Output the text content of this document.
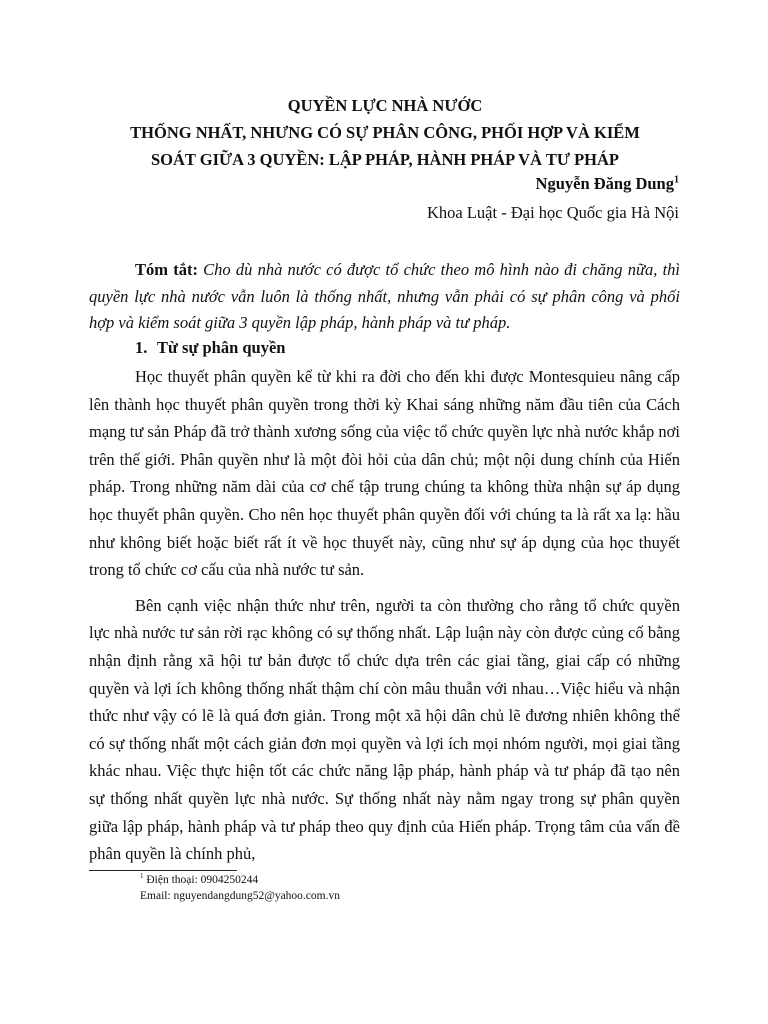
QUYỀN LỰC NHÀ NƯỚC
THỐNG NHẤT, NHƯNG CÓ SỰ PHÂN CÔNG, PHỐI HỢP VÀ KIỂM
SOÁT GIỮA 3 QUYỀN: LẬP PHÁP, HÀNH PHÁP VÀ TƯ PHÁP
Nguyễn Đăng Dung$^1$
Khoa Luật - Đại học Quốc gia Hà Nội
Tóm tắt: Cho dù nhà nước có được tổ chức theo mô hình nào đi chăng nữa, thì quyền lực nhà nước vẫn luôn là thống nhất, nhưng vẫn phải có sự phân công và phối hợp và kiểm soát giữa 3 quyền lập pháp, hành pháp và tư pháp.
1. Từ sự phân quyền

Học thuyết phân quyền kể từ khi ra đời cho đến khi được Montesquieu nâng cấp lên thành học thuyết phân quyền trong thời kỳ Khai sáng những năm đầu tiên của Cách mạng tư sản Pháp đã trở thành xương sống của việc tổ chức quyền lực nhà nước khắp nơi trên thế giới. Phân quyền như là một đòi hỏi của dân chủ; một nội dung chính của Hiến pháp. Trong những năm dài của cơ chế tập trung chúng ta không thừa nhận sự áp dụng học thuyết phân quyền. Cho nên học thuyết phân quyền đối với chúng ta là rất xa lạ: hầu như không biết hoặc biết rất ít về học thuyết này, cũng như sự áp dụng của học thuyết trong tổ chức cơ cấu của nhà nước tư sản.

Bên cạnh việc nhận thức như trên, người ta còn thường cho rằng tổ chức quyền lực nhà nước tư sản rời rạc không có sự thống nhất. Lập luận này còn được củng cố bằng nhận định rằng xã hội tư bản được tổ chức dựa trên các giai tầng, giai cấp có những quyền và lợi ích không thống nhất thậm chí còn mâu thuẫn với nhau…Việc hiểu và nhận thức như vậy có lẽ là quá đơn giản. Trong một xã hội dân chủ lẽ đương nhiên không thể có sự thống nhất một cách giản đơn mọi quyền và lợi ích mọi nhóm người, mọi giai tầng khác nhau. Việc thực hiện tốt các chức năng lập pháp, hành pháp và tư pháp đã tạo nên sự thống nhất quyền lực nhà nước. Sự thống nhất này nằm ngay trong sự phân quyền giữa lập pháp, hành pháp và tư pháp theo quy định của Hiến pháp. Trọng tâm của vấn đề phân quyền là chính phủ,

$^1$ Điện thoại: 0904250244
Email: nguyendangdung52@yahoo.com.vn
